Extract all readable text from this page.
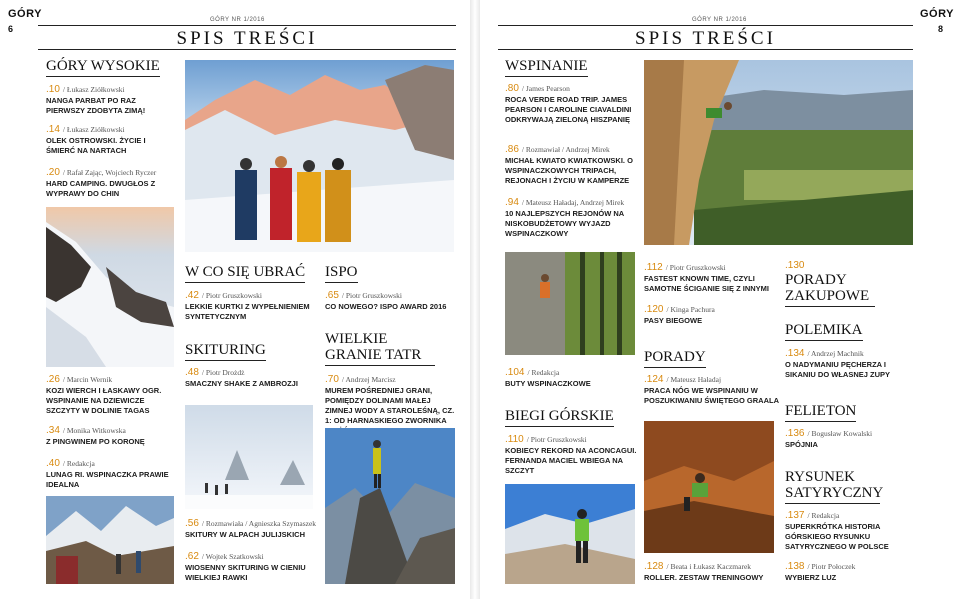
GÓRY
6
GÓRY NR 1/2016
SPIS TREŚCI
GÓRY WYSOKIE
.10 / Łukasz Ziółkowski
NANGA PARBAT PO RAZ PIERWSZY ZDOBYTA ZIMĄ!
.14 / Łukasz Ziółkowski
OLEK OSTROWSKI. ŻYCIE I ŚMIERĆ NA NARTACH
.20 / Rafał Zając, Wojciech Ryczer
HARD CAMPING. DWUGŁOS Z WYPRAWY DO CHIN
.26 / Marcin Wernik
KOZI WIERCH I ŁASKAWY OGR. WSPINANIE NA DZIEWICZE SZCZYTY W DOLINIE TAGAS
.34 / Monika Witkowska
Z PINGWINEM PO KORONĘ
.40 / Redakcja
LUNAG RI. WSPINACZKA PRAWIE IDEALNA
W CO SIĘ UBRAĆ
.42 / Piotr Gruszkowski
LEKKIE KURTKI Z WYPEŁNIENIEM SYNTETYCZNYM
SKITURING
.48 / Piotr Drożdż
SMACZNY SHAKE Z AMBROZJI
.56 / Rozmawiała / Agnieszka Szymaszek
SKITURY W ALPACH JULIJSKICH
.62 / Wojtek Szatkowski
WIOSENNY SKITURING W CIENIU WIELKIEJ RAWKI
ISPO
.65 / Piotr Gruszkowski
CO NOWEGO? ISPO AWARD 2016
WIELKIE GRANIE TATR
.70 / Andrzej Marcisz
MUREM POŚREDNIEJ GRANI, POMIĘDZY DOLINAMI MAŁEJ ZIMNEJ WODY A STAROLEŚNĄ, CZ. 1: OD HARNASKIEGO ZWORNIKA
GÓRY
8
GÓRY NR 1/2016
SPIS TREŚCI
WSPINANIE
.80 / James Pearson
ROCA VERDE ROAD TRIP. JAMES PEARSON I CAROLINE CIAVALDINI ODKRYWAJĄ ZIELONĄ HISZPANIĘ
.86 / Rozmawiał / Andrzej Mirek
MICHAŁ KWIATO KWIATKOWSKI. O WSPINACZKOWYCH TRIPACH, REJONACH I ŻYCIU W KAMPERZE
.94 / Mateusz Haładaj, Andrzej Mirek
10 NAJLEPSZYCH REJONÓW NA NISKOBUDŻETOWY WYJAZD WSPINACZKOWY
.104 / Redakcja
BUTY WSPINACZKOWE
BIEGI GÓRSKIE
.110 / Piotr Gruszkowski
KOBIECY REKORD NA ACONCAGUI. FERNANDA MACIEL WBIEGA NA SZCZYT
.112 / Piotr Gruszkowski
FASTEST KNOWN TIME, CZYLI SAMOTNE ŚCIGANIE SIĘ Z INNYMI
.120 / Kinga Pachura
PASY BIEGOWE
PORADY
.124 / Mateusz Haładaj
PRACA NÓG WE WSPINANIU W POSZUKIWANIU ŚWIĘTEGO GRAALA
.128 / Beata i Łukasz Kaczmarek
ROLLER. ZESTAW TRENINGOWY
.130
PORADY ZAKUPOWE
POLEMIKA
.134 / Andrzej Machnik
O NADYMANIU PĘCHERZA I SIKANIU DO WŁASNEJ ZUPY
FELIETON
.136 / Bogusław Kowalski
SPÓJNIA
RYSUNEK SATYRYCZNY
.137 / Redakcja
SUPERKRÓTKA HISTORIA GÓRSKIEGO RYSUNKU SATYRYCZNEGO W POLSCE
.138 / Piotr Połoczek
WYBIERZ LUZ
